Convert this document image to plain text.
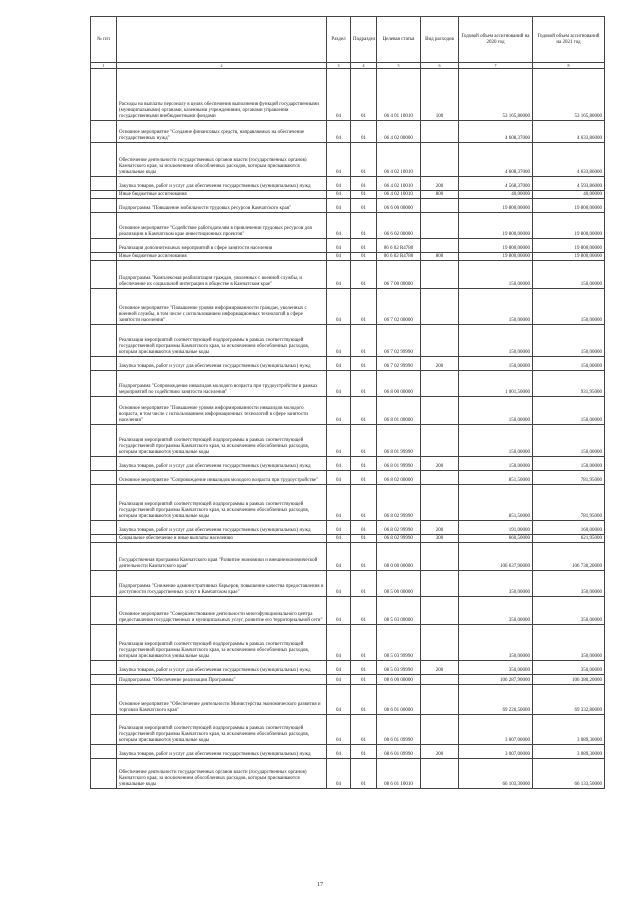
№ п/п		Раздел	Подраздел	Целевая статья	Вид расходов	Годовой объем ассигнований на 2020 год	Годовой объем ассигнований на 2021 год
1	2	3	4	5	6	7	8
	Расходы на выплаты персоналу в целях обеспечения выполнения функций государственными (муниципальными) органами, казенными учреждениями, органами управления государственными внебюджетными фондами	04	01	06 4 01 10010	100	53 165,80000	53 165,80000
	Основное мероприятие "Создание финансовых средств, направляемых на обеспечение государственных нужд"	04	01	06 4 02 00000		4 608,37000	4 633,86000
	Обеспечение деятельности государственных органов власти (государственных органов) Камчатского края, за исключением обособленных расходов, которым присваиваются уникальные коды	04	01	06 4 02 10010		4 608,37000	4 633,86000
	Закупка товаров, работ и услуг для обеспечения государственных (муниципальных) нужд	04	01	06 4 02 10010	200	4 568,37000	4 593,86000
	Иные бюджетные ассигнования	04	01	06 4 02 10010	800	40,00000	40,00000
	Подпрограмма "Повышение мобильности трудовых ресурсов Камчатского края"	04	01	06 6 00 00000		19 800,00000	19 800,00000
	Основное мероприятие "Содействие работодателям в привлечении трудовых ресурсов для реализации в Камчатском крае инвестиционных проектов"	04	01	06 6 02 00000		19 800,00000	19 800,00000
	Реализация дополнительных мероприятий в сфере занятости населения	04	01	06 6 02 R4780		19 800,00000	19 800,00000
	Иные бюджетные ассигнования	04	01	06 6 02 R4780	800	19 800,00000	19 800,00000
	Подпрограмма "Комплексная реабилитация граждан, уволенных с военной службы, и обеспечение их социальной интеграции в обществе в Камчатском крае"	04	01	06 7 00 00000		150,00000	150,00000
	Основное мероприятие "Повышение уровня информированности граждан, уволенных с военной службы, в том числе с использованием информационных технологий в сфере занятости населения"	04	01	06 7 02 00000		150,00000	150,00000
	Реализация мероприятий соответствующей подпрограммы в рамках соответствующей государственной программы Камчатского края, за исключением обособленных расходов, которым присваиваются уникальные коды	04	01	06 7 02 99990		150,00000	150,00000
	Закупка товаров, работ и услуг для обеспечения государственных (муниципальных) нужд	04	01	06 7 02 99990	200	150,00000	150,00000
	Подпрограмма "Сопровождение инвалидов молодого возраста при трудоустройстве в рамках мероприятий по содействию занятости населения"	04	01	06 8 00 00000		1 001,50000	931,95000
	Основное мероприятие "Повышение уровня информированности инвалидов молодого возраста, в том числе с использованием информационных технологий в сфере занятости населения"	04	01	06 8 01 00000		150,00000	150,00000
	Реализация мероприятий соответствующей подпрограммы в рамках соответствующей государственной программы Камчатского края, за исключением обособленных расходов, которым присваиваются уникальные коды	04	01	06 8 01 99990		150,00000	150,00000
	Закупка товаров, работ и услуг для обеспечения государственных (муниципальных) нужд	04	01	06 8 01 99990	200	150,00000	150,00000
	Основное мероприятие "Сопровождение инвалидов молодого возраста при трудоустройстве"	04	01	06 8 02 00000		851,50000	781,95000
	Реализация мероприятий соответствующей подпрограммы в рамках соответствующей государственной программы Камчатского края, за исключением обособленных расходов, которым присваиваются уникальные коды	04	01	06 8 02 99990		851,50000	781,95000
	Закупка товаров, работ и услуг для обеспечения государственных (муниципальных) нужд	04	01	06 8 02 99990	200	191,00000	160,00000
	Социальное обеспечение и иные выплаты населению	04	01	06 8 02 99990	300	660,50000	621,95000
	Государственная программа Камчатского края "Развитие экономики и внешнеэкономической деятельности Камчатского края"	04	01	08 0 00 00000		106 637,90000	106 730,20000
	Подпрограмма "Снижение административных барьеров, повышение качества предоставления и доступности государственных услуг в Камчатском крае"	04	01	08 5 00 00000		350,00000	350,00000
	Основное мероприятие "Совершенствование деятельности многофункционального центра предоставления государственных и муниципальных услуг, развитие его территориальной сети"	04	01	08 5 03 00000		350,00000	350,00000
	Реализация мероприятий соответствующей подпрограммы в рамках соответствующей государственной программы Камчатского края, за исключением обособленных расходов, которым присваиваются уникальные коды	04	01	08 5 03 99990		350,00000	350,00000
	Закупка товаров, работ и услуг для обеспечения государственных (муниципальных) нужд	04	01	08 5 03 99990	200	350,00000	350,00000
	Подпрограмма "Обеспечение реализации Программы"	04	01	08 6 00 00000		106 287,90000	106 380,20000
	Основное мероприятие "Обеспечение деятельности Министерства экономического развития и торговли Камчатского края"	04	01	08 6 01 00000		69 226,50000	69 332,80000
	Реализация мероприятий соответствующей подпрограммы в рамках соответствующей государственной программы Камчатского края, за исключением обособленных расходов, которым присваиваются уникальные коды	04	01	08 6 01 09990		3 007,00000	3 089,30000
	Закупка товаров, работ и услуг для обеспечения государственных (муниципальных) нужд	04	01	08 6 01 09990	200	3 007,00000	3 089,30000
	Обеспечение деятельности государственных органов власти (государственных органов) Камчатского края, за исключением обособленных расходов, которым присваиваются уникальные коды	04	01	08 6 01 10010		66 103,30000	66 133,50000
17
